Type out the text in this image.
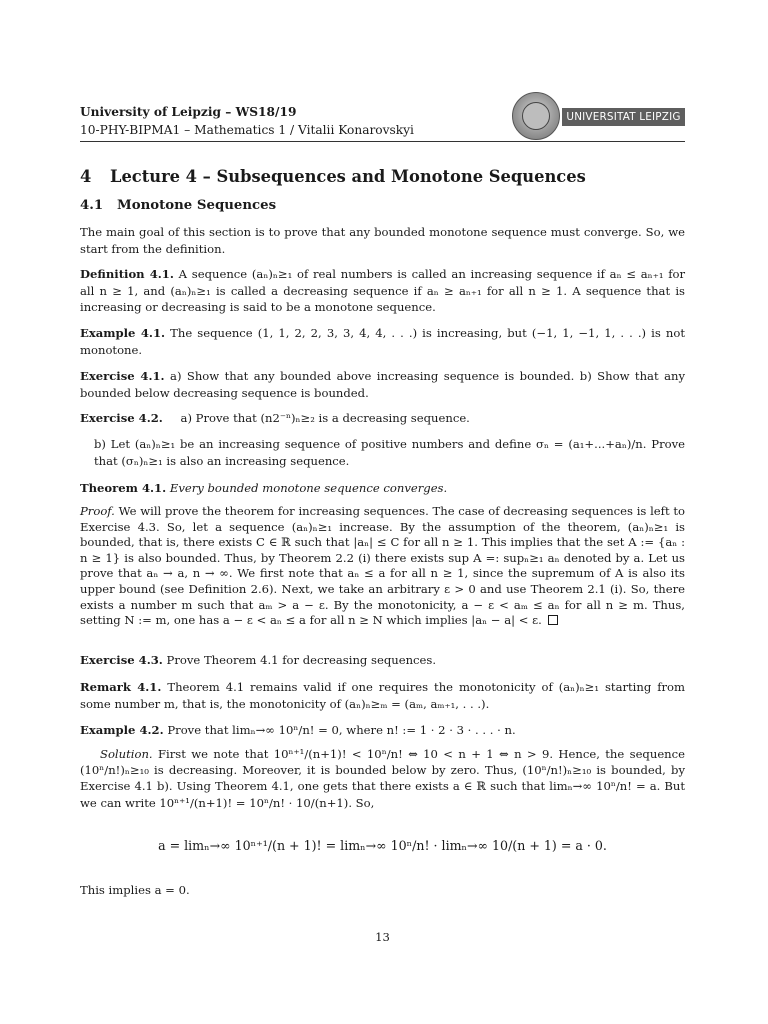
University of Leipzig – WS18/19
10-PHY-BIPMA1 – Mathematics 1 / Vitalii Konarovskyi
UNIVERSITAT LEIPZIG
4 Lecture 4 – Subsequences and Monotone Sequences
4.1 Monotone Sequences
The main goal of this section is to prove that any bounded monotone sequence must converge. So, we start from the definition.
Definition 4.1. A sequence (aₙ)ₙ≥₁ of real numbers is called an increasing sequence if aₙ ≤ aₙ₊₁ for all n ≥ 1, and (aₙ)ₙ≥₁ is called a decreasing sequence if aₙ ≥ aₙ₊₁ for all n ≥ 1. A sequence that is increasing or decreasing is said to be a monotone sequence.
Example 4.1. The sequence (1, 1, 2, 2, 3, 3, 4, 4, . . .) is increasing, but (−1, 1, −1, 1, . . .) is not monotone.
Exercise 4.1. a) Show that any bounded above increasing sequence is bounded. b) Show that any bounded below decreasing sequence is bounded.
Exercise 4.2. a) Prove that (n2⁻ⁿ)ₙ≥₂ is a decreasing sequence.
b) Let (aₙ)ₙ≥₁ be an increasing sequence of positive numbers and define σₙ = (a₁+...+aₙ)/n. Prove that (σₙ)ₙ≥₁ is also an increasing sequence.
Theorem 4.1. Every bounded monotone sequence converges.
Proof. We will prove the theorem for increasing sequences. The case of decreasing sequences is left to Exercise 4.3. So, let a sequence (aₙ)ₙ≥₁ increase. By the assumption of the theorem, (aₙ)ₙ≥₁ is bounded, that is, there exists C ∈ ℝ such that |aₙ| ≤ C for all n ≥ 1. This implies that the set A := {aₙ : n ≥ 1} is also bounded. Thus, by Theorem 2.2 (i) there exists sup A =: supₙ≥₁ aₙ denoted by a. Let us prove that aₙ → a, n → ∞. We first note that aₙ ≤ a for all n ≥ 1, since the supremum of A is also its upper bound (see Definition 2.6). Next, we take an arbitrary ε > 0 and use Theorem 2.1 (i). So, there exists a number m such that aₘ > a − ε. By the monotonicity, a − ε < aₘ ≤ aₙ for all n ≥ m. Thus, setting N := m, one has a − ε < aₙ ≤ a for all n ≥ N which implies |aₙ − a| < ε.
Exercise 4.3. Prove Theorem 4.1 for decreasing sequences.
Remark 4.1. Theorem 4.1 remains valid if one requires the monotonicity of (aₙ)ₙ≥₁ starting from some number m, that is, the monotonicity of (aₙ)ₙ≥ₘ = (aₘ, aₘ₊₁, . . .).
Example 4.2. Prove that limₙ→∞ 10ⁿ/n! = 0, where n! := 1 · 2 · 3 · . . . · n.
Solution. First we note that 10ⁿ⁺¹/(n+1)! < 10ⁿ/n! ⇔ 10 < n + 1 ⇔ n > 9. Hence, the sequence (10ⁿ/n!)ₙ≥₁₀ is decreasing. Moreover, it is bounded below by zero. Thus, (10ⁿ/n!)ₙ≥₁₀ is bounded, by Exercise 4.1 b). Using Theorem 4.1, one gets that there exists a ∈ ℝ such that limₙ→∞ 10ⁿ/n! = a. But we can write 10ⁿ⁺¹/(n+1)! = 10ⁿ/n! · 10/(n+1). So,
a = limₙ→∞ 10ⁿ⁺¹/(n + 1)! = limₙ→∞ 10ⁿ/n! · limₙ→∞ 10/(n + 1) = a · 0.
This implies a = 0.
13
